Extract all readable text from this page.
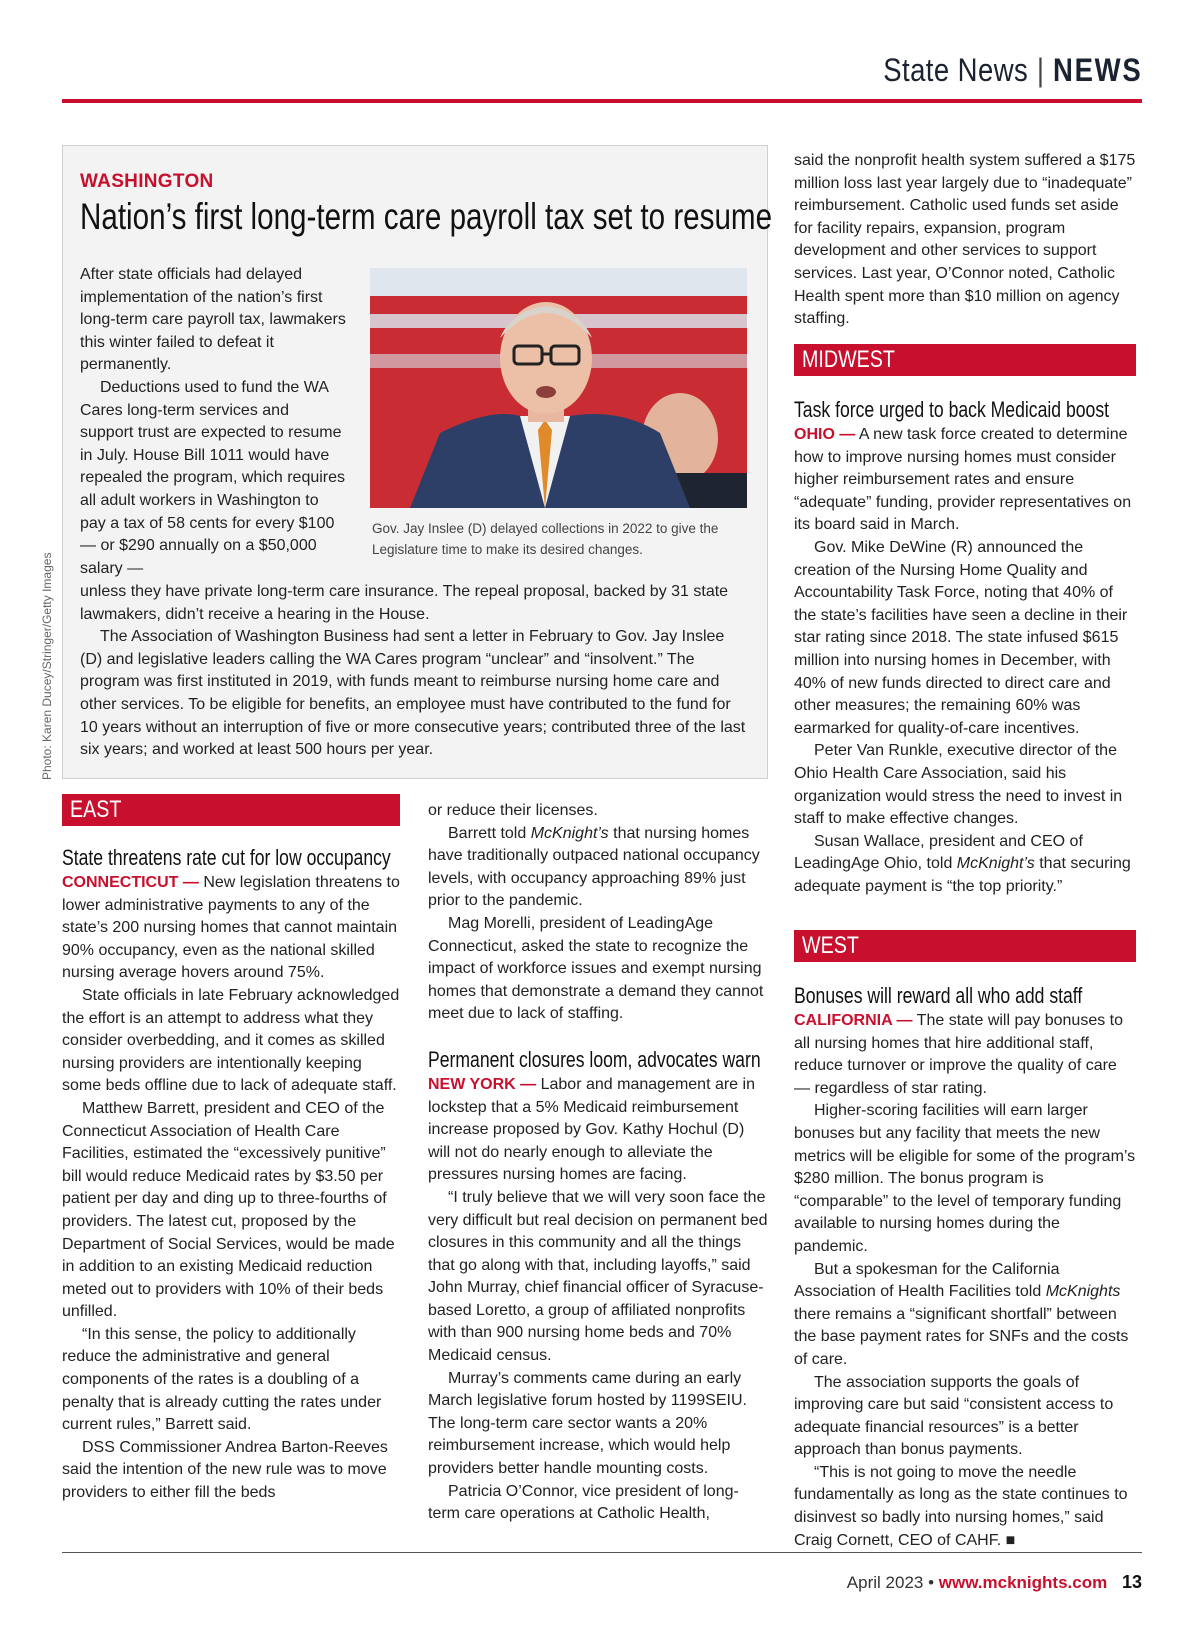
State News | NEWS
WASHINGTON
Nation’s first long-term care payroll tax set to resume

After state officials had delayed implementation of the nation’s first long-term care payroll tax, lawmakers this winter failed to defeat it permanently.

Deductions used to fund the WA Cares long-term services and support trust are expected to resume in July. House Bill 1011 would have repealed the program, which requires all adult workers in Washington to pay a tax of 58 cents for every $100 — or $290 annually on a $50,000 salary —

unless they have private long-term care insurance. The repeal proposal, backed by 31 state lawmakers, didn’t receive a hearing in the House.

The Association of Washington Business had sent a letter in February to Gov. Jay Inslee (D) and legislative leaders calling the WA Cares program “unclear” and “insolvent.” The program was first instituted in 2019, with funds meant to reimburse nursing home care and other services. To be eligible for benefits, an employee must have contributed to the fund for 10 years without an interruption of five or more consecutive years; contributed three of the last six years; and worked at least 500 hours per year.

Gov. Jay Inslee (D) delayed collections in 2022 to give the Legislature time to make its desired changes.
Photo: Karen Ducey/Stringer/Getty Images
EAST
State threatens rate cut for low occupancy

CONNECTICUT — New legislation threatens to lower administrative payments to any of the state’s 200 nursing homes that cannot maintain 90% occupancy, even as the national skilled nursing average hovers around 75%.

State officials in late February acknowledged the effort is an attempt to address what they consider overbedding, and it comes as skilled nursing providers are intentionally keeping some beds offline due to lack of adequate staff.

Matthew Barrett, president and CEO of the Connecticut Association of Health Care Facilities, estimated the “excessively punitive” bill would reduce Medicaid rates by $3.50 per patient per day and ding up to three-fourths of providers. The latest cut, proposed by the Department of Social Services, would be made in addition to an existing Medicaid reduction meted out to providers with 10% of their beds unfilled.

“In this sense, the policy to additionally reduce the administrative and general components of the rates is a doubling of a penalty that is already cutting the rates under current rules,” Barrett said.

DSS Commissioner Andrea Barton-Reeves said the intention of the new rule was to move providers to either fill the beds

or reduce their licenses.

Barrett told McKnight’s that nursing homes have traditionally outpaced national occupancy levels, with occupancy approaching 89% just prior to the pandemic.

Mag Morelli, president of LeadingAge Connecticut, asked the state to recognize the impact of workforce issues and exempt nursing homes that demonstrate a demand they cannot meet due to lack of staffing.

Permanent closures loom, advocates warn

NEW YORK — Labor and management are in lockstep that a 5% Medicaid reimbursement increase proposed by Gov. Kathy Hochul (D) will not do nearly enough to alleviate the pressures nursing homes are facing.

“I truly believe that we will very soon face the very difficult but real decision on permanent bed closures in this community and all the things that go along with that, including layoffs,” said John Murray, chief financial officer of Syracuse-based Loretto, a group of affiliated nonprofits with than 900 nursing home beds and 70% Medicaid census.

Murray’s comments came during an early March legislative forum hosted by 1199SEIU. The long-term care sector wants a 20% reimbursement increase, which would help providers better handle mounting costs.

Patricia O’Connor, vice president of long-term care operations at Catholic Health,

said the nonprofit health system suffered a $175 million loss last year largely due to “inadequate” reimbursement. Catholic used funds set aside for facility repairs, expansion, program development and other services to support services. Last year, O’Connor noted, Catholic Health spent more than $10 million on agency staffing.

MIDWEST
Task force urged to back Medicaid boost

OHIO — A new task force created to determine how to improve nursing homes must consider higher reimbursement rates and ensure “adequate” funding, provider representatives on its board said in March.

Gov. Mike DeWine (R) announced the creation of the Nursing Home Quality and Accountability Task Force, noting that 40% of the state’s facilities have seen a decline in their star rating since 2018. The state infused $615 million into nursing homes in December, with 40% of new funds directed to direct care and other measures; the remaining 60% was earmarked for quality-of-care incentives.

Peter Van Runkle, executive director of the Ohio Health Care Association, said his organization would stress the need to invest in staff to make effective changes.

Susan Wallace, president and CEO of LeadingAge Ohio, told McKnight’s that securing adequate payment is “the top priority.”

WEST
Bonuses will reward all who add staff

CALIFORNIA — The state will pay bonuses to all nursing homes that hire additional staff, reduce turnover or improve the quality of care — regardless of star rating.

Higher-scoring facilities will earn larger bonuses but any facility that meets the new metrics will be eligible for some of the program’s $280 million. The bonus program is “comparable” to the level of temporary funding available to nursing homes during the pandemic.

But a spokesman for the California Association of Health Facilities told McKnights there remains a “significant shortfall” between the base payment rates for SNFs and the costs of care.

The association supports the goals of improving care but said “consistent access to adequate financial resources” is a better approach than bonus payments.

“This is not going to move the needle fundamentally as long as the state continues to disinvest so badly into nursing homes,” said Craig Cornett, CEO of CAHF. ■

April 2023 • www.mcknights.com 13
